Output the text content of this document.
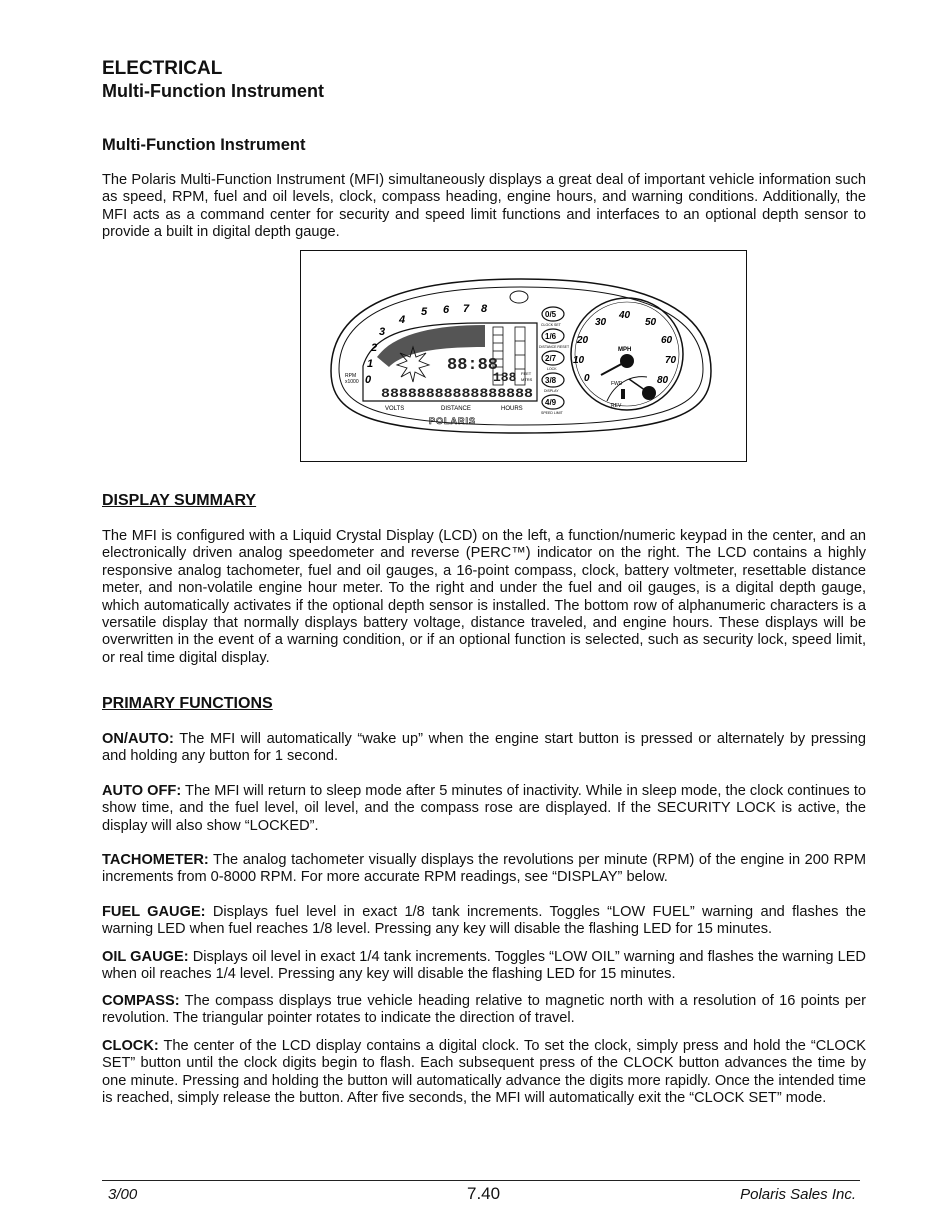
ELECTRICAL
Multi-Function Instrument
Multi-Function Instrument

The Polaris Multi-Function Instrument (MFI) simultaneously displays a great deal of important vehicle information such as speed, RPM, fuel and oil levels, clock, compass heading, engine hours, and warning conditions. Additionally, the MFI acts as a command center for security and speed limit functions and interfaces to an optional depth sensor to provide a built in digital depth gauge.

0
1
2
3
4
5 6 7 8
RPM
x1000
88:88
188 FEET
MTRS
88888888888888888
VOLTS	DISTANCE	HOURS
POLARIS
0/5
CLOCK SET
1/6
DISTANCE RESET
2/7
LOCK
3/8
DISPLAY
4/9
SPEED LIMIT
0
10
20
30
40
50
60
70
80
MPH
FWD
REV
DISPLAY SUMMARY

The MFI is configured with a Liquid Crystal Display (LCD) on the left, a function/numeric keypad in the center, and an electronically driven analog speedometer and reverse (PERC™) indicator on the right. The LCD contains a highly responsive analog tachometer, fuel and oil gauges, a 16-point compass, clock, battery voltmeter, resettable distance meter, and non-volatile engine hour meter. To the right and under the fuel and oil gauges, is a digital depth gauge, which automatically activates if the optional depth sensor is installed. The bottom row of alphanumeric characters is a versatile display that normally displays battery voltage, distance traveled, and engine hours. These displays will be overwritten in the event of a warning condition, or if an optional function is selected, such as security lock, speed limit, or real time digital display.

PRIMARY FUNCTIONS

ON/AUTO: The MFI will automatically “wake up” when the engine start button is pressed or alternately by pressing and holding any button for 1 second.

AUTO OFF: The MFI will return to sleep mode after 5 minutes of inactivity. While in sleep mode, the clock continues to show time, and the fuel level, oil level, and the compass rose are displayed. If the SECURITY LOCK is active, the display will also show “LOCKED”.

TACHOMETER: The analog tachometer visually displays the revolutions per minute (RPM) of the engine in 200 RPM increments from 0-8000 RPM. For more accurate RPM readings, see “DISPLAY” below.

FUEL GAUGE: Displays fuel level in exact 1/8 tank increments. Toggles “LOW FUEL” warning and flashes the warning LED when fuel reaches 1/8 level. Pressing any key will disable the flashing LED for 15 minutes.

OIL GAUGE: Displays oil level in exact 1/4 tank increments. Toggles “LOW OIL” warning and flashes the warning LED when oil reaches 1/4 level. Pressing any key will disable the flashing LED for 15 minutes.

COMPASS: The compass displays true vehicle heading relative to magnetic north with a resolution of 16 points per revolution. The triangular pointer rotates to indicate the direction of travel.

CLOCK: The center of the LCD display contains a digital clock. To set the clock, simply press and hold the “CLOCK SET” button until the clock digits begin to flash. Each subsequent press of the CLOCK button advances the time by one minute. Pressing and holding the button will automatically advance the digits more rapidly. Once the intended time is reached, simply release the button. After five seconds, the MFI will automatically exit the “CLOCK SET” mode.

3/00	7.40	Polaris Sales Inc.
